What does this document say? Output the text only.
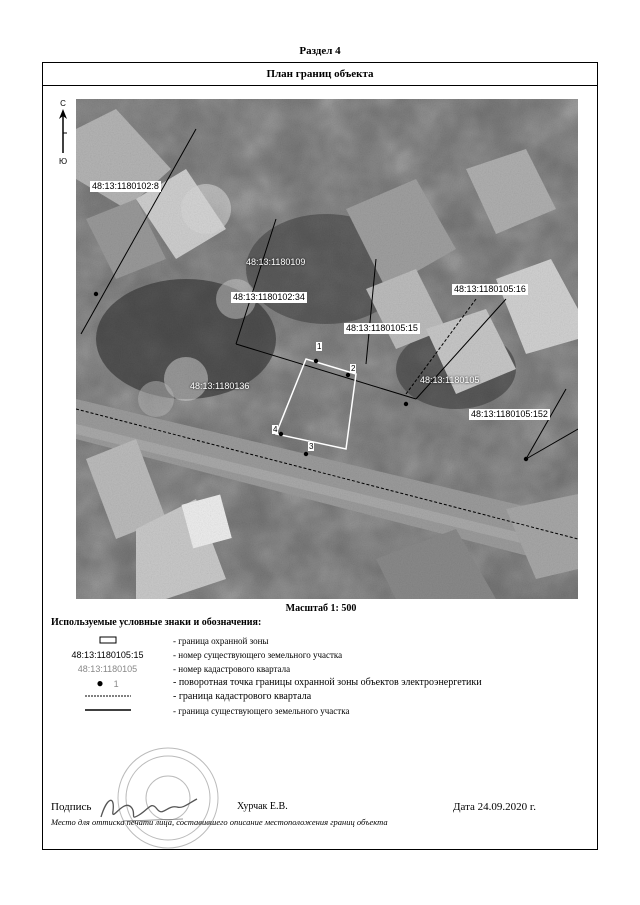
Раздел 4
План границ объекта
С
Ю
48:13:1180102:8
48:13:1180109
48:13:1180102:34
48:13:1180105:16
48:13:1180105:15
48:13:1180136
48:13:1180105
48:13:1180105:152
1
2
3
4
Масштаб 1: 500
Используемые условные знаки и обозначения:
- граница охранной зоны
48:13:1180105:15	- номер существующего земельного участка
48:13:1180105	- номер кадастрового квартала
● 1	- поворотная точка границы охранной зоны объектов электроэнергетики
- граница кадастрового квартала
- граница существующего земельного участка
Подпись	Хурчак Е.В.	Дата 24.09.2020 г.
Место для оттиска печати лица, составившего описание местоположения границ объекта
